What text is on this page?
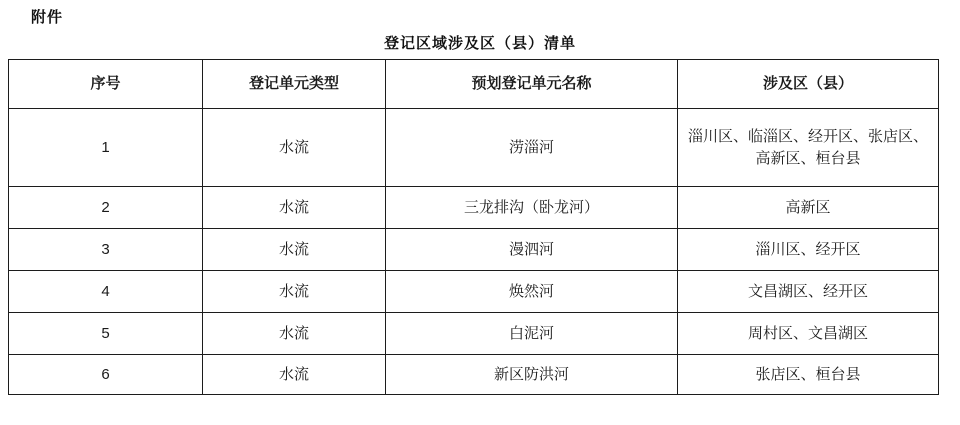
附件
登记区域涉及区（县）清单
序号	登记单元类型	预划登记单元名称	涉及区（县）
1	水流	涝淄河	淄川区、临淄区、经开区、张店区、高新区、桓台县
2	水流	三龙排沟（卧龙河）	高新区
3	水流	漫泗河	淄川区、经开区
4	水流	焕然河	文昌湖区、经开区
5	水流	白泥河	周村区、文昌湖区
6	水流	新区防洪河	张店区、桓台县
